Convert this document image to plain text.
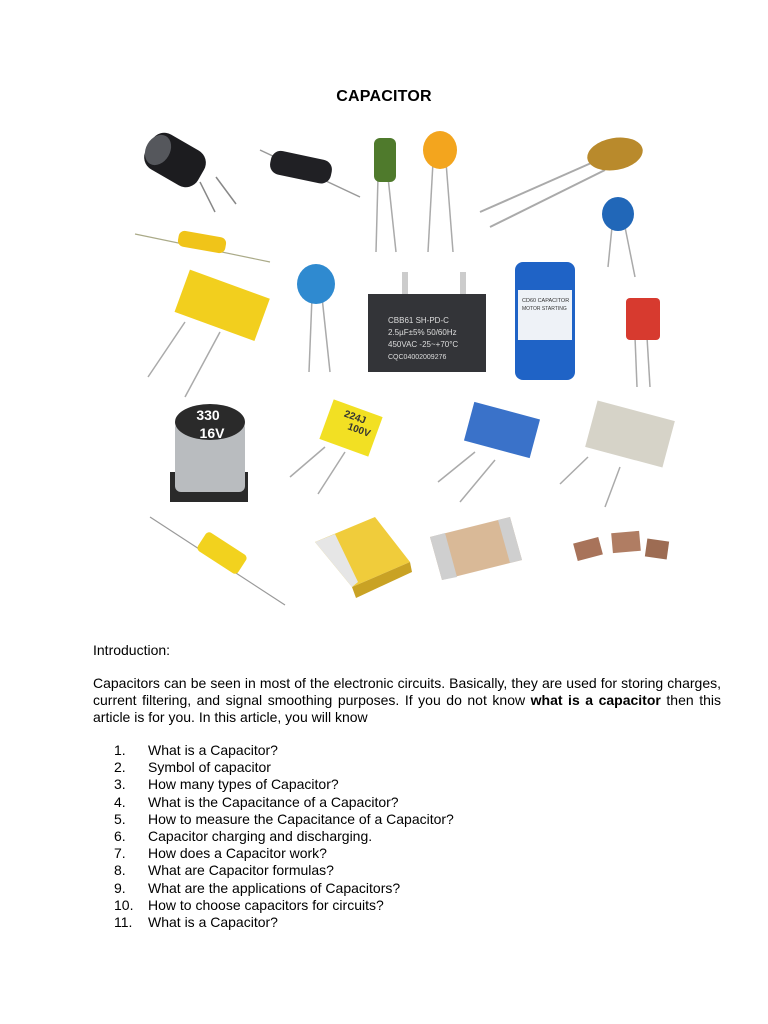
CAPACITOR
CBB61 SH-PD-C
2.5µF±5% 50/60Hz
450VAC -25~+70°C
CQC04002009276
CD60 CAPACITOR
MOTOR STARTING
330
16V
224J
100V
Introduction:
Capacitors can be seen in most of the electronic circuits. Basically, they are used for storing charges, current filtering, and signal smoothing purposes. If you do not know what is a capacitor then this article is for you. In this article, you will know
1.	What is a Capacitor?
2.	Symbol of capacitor
3.	How many types of Capacitor?
4.	What is the Capacitance of a Capacitor?
5.	How to measure the Capacitance of a Capacitor?
6.	Capacitor charging and discharging.
7.	How does a Capacitor work?
8.	What are Capacitor formulas?
9.	What are the applications of Capacitors?
10.	How to choose capacitors for circuits?
11.	What is a Capacitor?
